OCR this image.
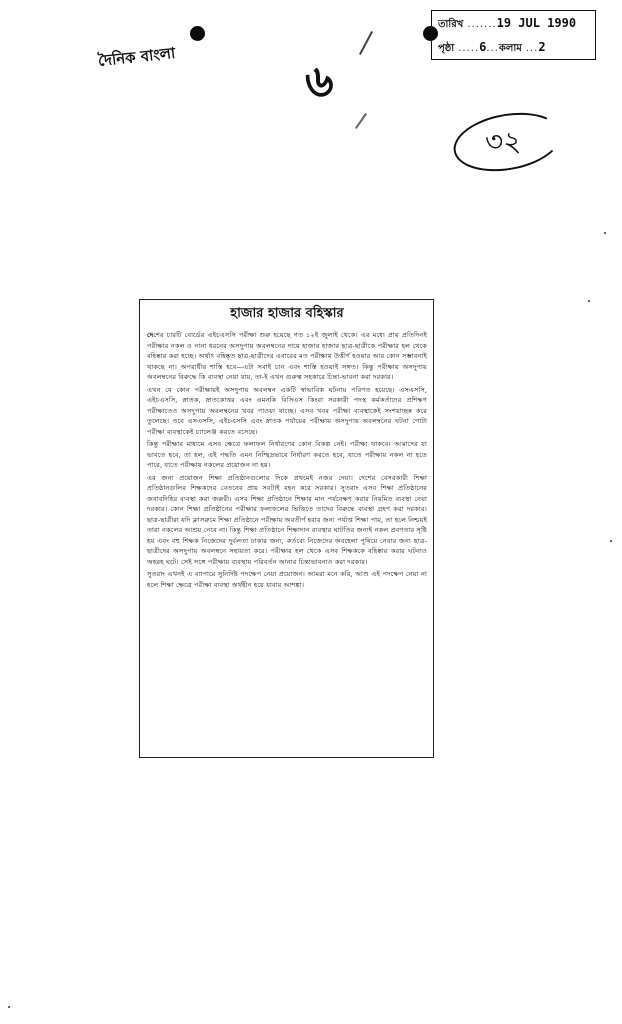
দৈনিক বাংলা
তারিখ ....... 19 JUL 1990
পৃষ্ঠা ..... 6 ... কলাম ... 2
৬
৩২
হাজার হাজার বহিস্কার

দেশের চারটি বোর্ডের এইচএসসি পরীক্ষা শুরু হয়েছে গত ১২ই জুলাই থেকে। এর মধ্যে প্রায় প্রতিদিনই পরীক্ষার নকল ও নানা ধরনের অসদুপায় অবলম্বনের দায়ে হাজার হাজার ছাত্র-ছাত্রীকে পরীক্ষার হল থেকে বহিষ্কার করা হচ্ছে। অর্থাৎ বহিষ্কৃত ছাত্র-ছাত্রীদের এবারের মত পরীক্ষায় উত্তীর্ণ হওয়ার আর কোন সম্ভাবনাই থাকছে না। অপরাধীর শাস্তি হবে—এটা সবাই চান এবং শাস্তি হওয়াই সঙ্গত। কিন্তু পরীক্ষায় অসদুপায় অবলম্বনের বিরুদ্ধে কি ব্যবস্থা নেয়া যায়, তা-ই এখন গুরুত্ব সহকারে চিন্তা-ভাবনা করা দরকার।

এখন যে কোন পরীক্ষায়ই অসদুপায় অবলম্বন একটি স্বাভাবিক ঘটনায় পরিণত হয়েছে। এসএসসি, এইচএসসি, স্নাতক, স্নাতকোত্তর এবং এমনকি বিসিএস কিংবা সরকারী পদস্থ কর্মকর্তাদের প্রশিক্ষণ পরীক্ষাতেও অসদুপায় অবলম্বনের খবর পাওয়া যাচ্ছে। এসব খবর পরীক্ষা ব্যবস্থাকেই সংশয়াচ্ছন্ন করে তুলেছে। তবে এসএসসি, এইচএসসি এবং স্নাতক পর্যায়ের পরীক্ষায় অসদুপায় অবলম্বনের ঘটনা গোটা পরীক্ষা ব্যবস্থাকেই চ্যালেঞ্জ করতে বসেছে।

কিন্তু পরীক্ষার মাধ্যমে এসব ক্ষেত্রে ফলাফল নির্ধারণের কোন বিকল্প নেই। পরীক্ষা থাকবে। আমাদের যা ভাবতে হবে, তা হল, এই পদ্ধতি এমন নিশ্ছিদ্রভাবে নির্ধারণ করতে হবে, যাতে পরীক্ষায় নকল না হতে পারে, যাতে পরীক্ষায় নকলের প্রয়োজন না হয়।

এর জন্য প্রয়োজন শিক্ষা প্রতিষ্ঠানগুলোর দিকে প্রথমেই নজর দেয়া। দেশের বেসরকারী শিক্ষা প্রতিষ্ঠানগুলির শিক্ষকদের বেতনের প্রায় সবটাই বহন করে সরকার। সুতরাং এসব শিক্ষা প্রতিষ্ঠানের জবাবদিহির ব্যবস্থা করা জরুরী। এসব শিক্ষা প্রতিষ্ঠানে শিক্ষার মান পর্যবেক্ষণ করার নিয়মিত ব্যবস্থা নেয়া দরকার। কোন শিক্ষা প্রতিষ্ঠানের পরীক্ষার ফলাফলের ভিত্তিতে তাদের বিরুদ্ধে ব্যবস্থা গ্রহণ করা দরকার। ছাত্র-ছাত্রীরা যদি ক্লাসরুমে শিক্ষা প্রতিষ্ঠানে পরীক্ষায় অবতীর্ণ হবার জন্য পর্যাপ্ত শিক্ষা পায়, তা হলে নিশ্চয়ই তারা নকলের আশ্রয় নেবে না। কিন্তু শিক্ষা প্রতিষ্ঠানে শিক্ষাদান ব্যবস্থার ঘাটতির জন্যই নকল প্রবণতার সৃষ্টি হয় এবং বহু শিক্ষক নিজেদের দুর্বলতা ঢাকার জন্য, কর্তব্যে নিজেদের অবহেলা পুষিয়ে নেবার জন্য ছাত্র-ছাত্রীদের অসদুপায় অবলম্বনে সহায়তা করে। পরীক্ষার হল থেকে এসব শিক্ষককে বহিষ্কার করার ঘটনাও অহরহ ঘটে। সেই সঙ্গে পরীক্ষায় ব্যবস্থায় পরিবর্তন আনার চিন্তাভাবনাও করা দরকার।

সুতরাং এখনই এ ব্যাপারে সুনির্দিষ্ট পদক্ষেপ নেয়া প্রয়োজন। আমরা মনে করি, আশু এই পদক্ষেপ নেয়া না হলে শিক্ষা ক্ষেত্রে পরীক্ষা ব্যবস্থা অর্থহীন হয়ে যাবার আশঙ্কা।
